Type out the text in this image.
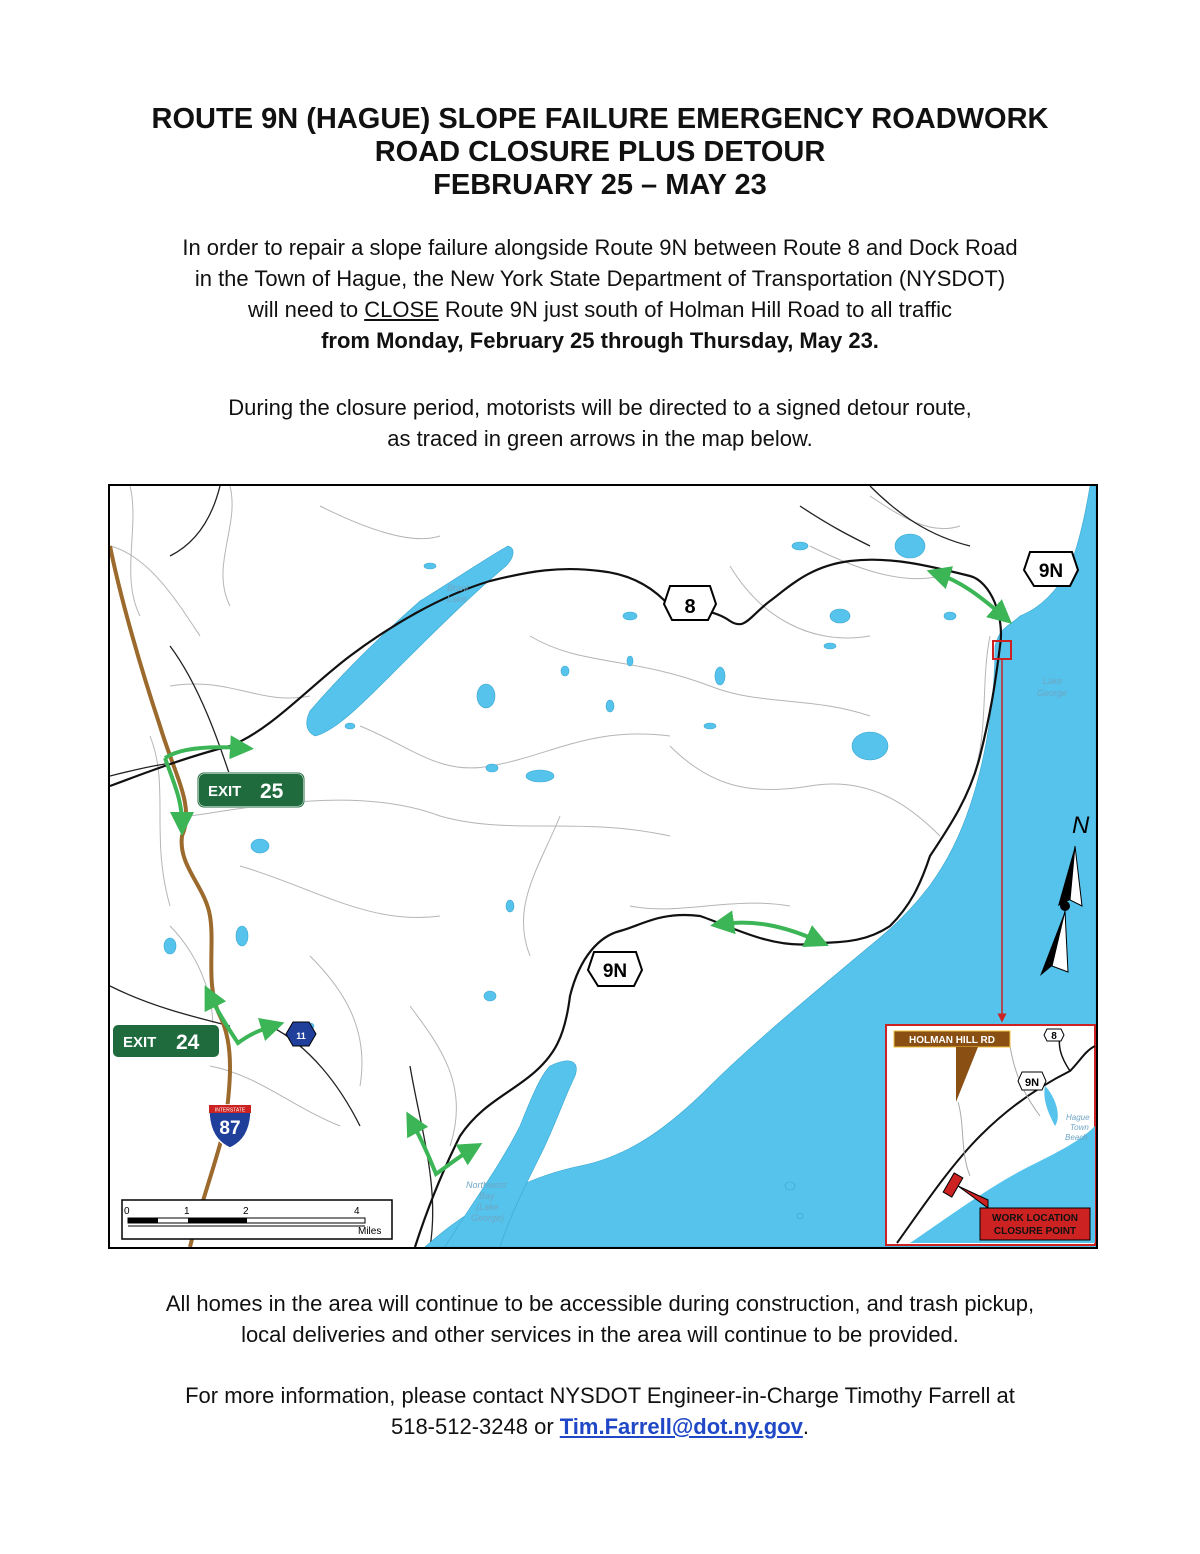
ROUTE 9N (HAGUE) SLOPE FAILURE EMERGENCY ROADWORK
ROAD CLOSURE PLUS DETOUR
FEBRUARY 25 – MAY 23
In order to repair a slope failure alongside Route 9N between Route 8 and Dock Road
in the Town of Hague, the New York State Department of Transportation (NYSDOT)
will need to CLOSE Route 9N just south of Holman Hill Road to all traffic
from Monday, February 25 through Thursday, May 23.
During the closure period, motorists will be directed to a signed detour route,
as traced in green arrows in the map below.
8
9N
9N
EXIT 25
EXIT 24
INTERSTATE
87
11
Brant
Lake
Lake
George
Northwest
Bay
(Lake
George)
N
0	1	2	4
Miles
HOLMAN HILL RD	8
9N
Hague
Town
Beach
WORK LOCATION
CLOSURE POINT
All homes in the area will continue to be accessible during construction, and trash pickup,
local deliveries and other services in the area will continue to be provided.
For more information, please contact NYSDOT Engineer-in-Charge Timothy Farrell at
518-512-3248 or Tim.Farrell@dot.ny.gov.
